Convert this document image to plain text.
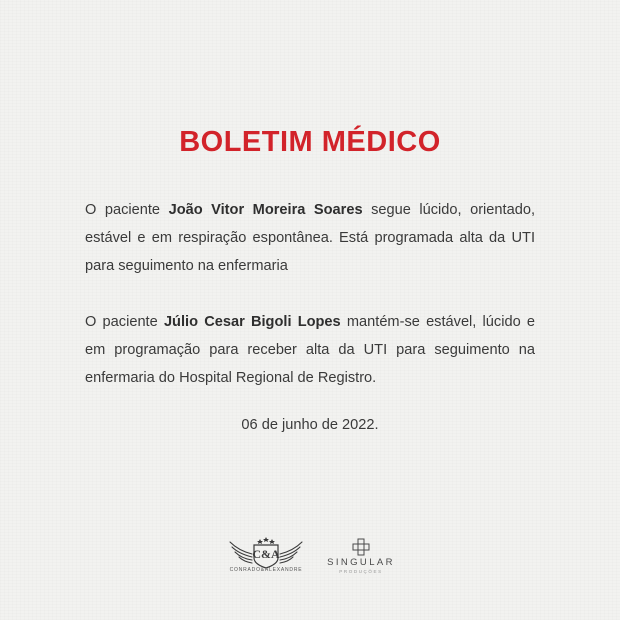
BOLETIM MÉDICO

O paciente João Vitor Moreira Soares segue lúcido, orientado, estável e em respiração espontânea. Está programada alta da UTI para seguimento na enfermaria

O paciente Júlio Cesar Bigoli Lopes mantém-se estável, lúcido e em programação para receber alta da UTI para seguimento na enfermaria do Hospital Regional de Registro.

06 de junho de 2022.

C&A
CONRADO&ALEXANDRE
SINGULAR
PRODUÇÕES
